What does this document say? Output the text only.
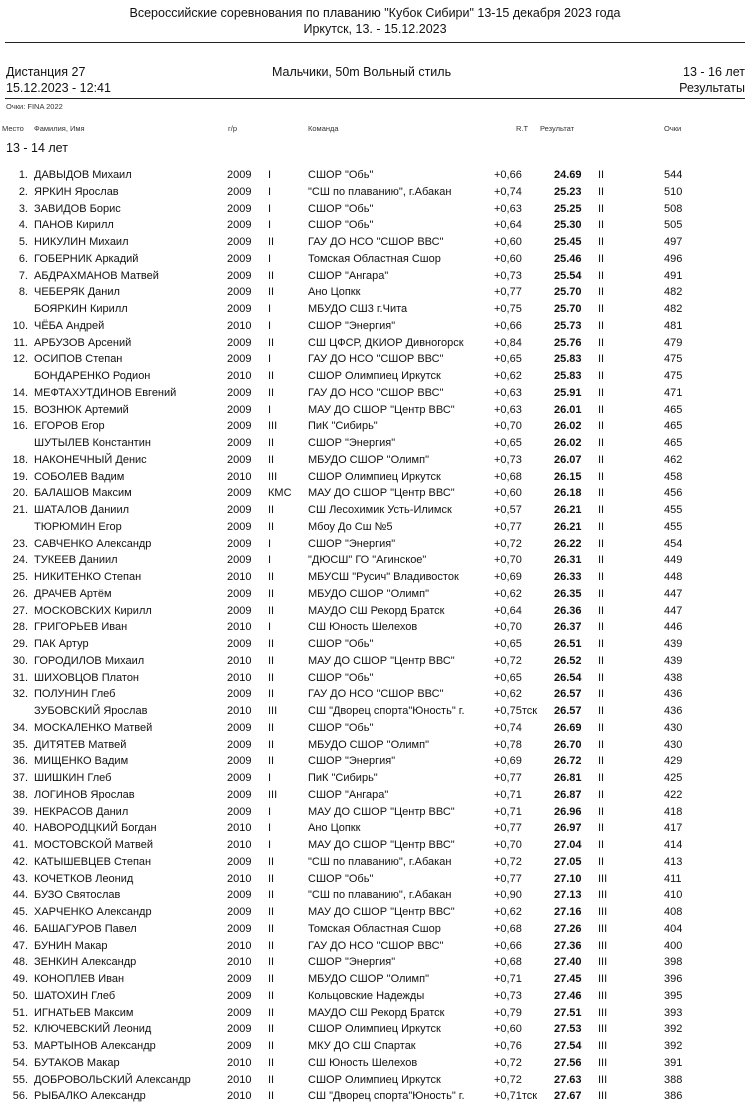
Всероссийские соревнования по плаванию "Кубок Сибири" 13-15 декабря 2023 года
Иркутск, 13. - 15.12.2023
Дистанция 27
15.12.2023 - 12:41
Мальчики, 50m Вольный стиль	13 - 16 лет
Результаты
Очки: FINA 2022
Место Фамилия, Имя	г/р	Команда	R.T Результат	Очки
13 - 14 лет
1. ДАВЫДОВ Михаил	2009 I	СШОР "Обь"	+0,66	24.69 II	544
2. ЯРКИН Ярослав	2009 I	"СШ по плаванию", г.Абакан	+0,74	25.23 II	510
3. ЗАВИДОВ Борис	2009 I	СШОР "Обь"	+0,63	25.25 II	508
4. ПАНОВ Кирилл	2009 I	СШОР "Обь"	+0,64	25.30 II	505
5. НИКУЛИН Михаил	2009 II	ГАУ ДО НСО "СШОР ВВС"	+0,60	25.45 II	497
6. ГОБЕРНИК Аркадий	2009 I	Томская Областная Сшор	+0,60	25.46 II	496
7. АБДРАХМАНОВ Матвей	2009 II	СШОР "Ангара"	+0,73	25.54 II	491
8. ЧЕБЕРЯК Данил	2009 II	Ано Цопкк	+0,77	25.70 II	482
БОЯРКИН Кирилл	2009 I	МБУДО СШ3 г.Чита	+0,75	25.70 II	482
10. ЧЁБА Андрей	2010 I	СШОР "Энергия"	+0,66	25.73 II	481
11. АРБУЗОВ Арсений	2009 II	СШ ЦФСР, ДКИОР Дивногорск	+0,84	25.76 II	479
12. ОСИПОВ Степан	2009 I	ГАУ ДО НСО "СШОР ВВС"	+0,65	25.83 II	475
БОНДАРЕНКО Родион	2010 II	СШОР Олимпиец Иркутск	+0,62	25.83 II	475
14. МЕФТАХУТДИНОВ Евгений	2009 II	ГАУ ДО НСО "СШОР ВВС"	+0,63	25.91 II	471
15. ВОЗНЮК Артемий	2009 I	МАУ ДО СШОР "Центр ВВС"	+0,63	26.01 II	465
16. ЕГОРОВ Егор	2009 III	ПиК "Сибирь"	+0,70	26.02 II	465
ШУТЫЛЕВ Константин	2009 II	СШОР "Энергия"	+0,65	26.02 II	465
18. НАКОНЕЧНЫЙ Денис	2009 II	МБУДО СШОР "Олимп"	+0,73	26.07 II	462
19. СОБОЛЕВ Вадим	2010 III	СШОР Олимпиец Иркутск	+0,68	26.15 II	458
20. БАЛАШОВ Максим	2009 КМС МАУ ДО СШОР "Центр ВВС"	+0,60	26.18 II	456
21. ШАТАЛОВ Даниил	2009 II	СШ Лесохимик Усть-Илимск	+0,57	26.21 II	455
ТЮРЮМИН Егор	2009 II	Мбоу До Сш №5	+0,77	26.21 II	455
23. САВЧЕНКО Александр	2009 I	СШОР "Энергия"	+0,72	26.22 II	454
24. ТУКЕЕВ Даниил	2009 I	"ДЮСШ" ГО "Агинское"	+0,70	26.31 II	449
25. НИКИТЕНКО Степан	2010 II	МБУСШ "Русич" Владивосток	+0,69	26.33 II	448
26. ДРАЧЕВ Артём	2009 II	МБУДО СШОР "Олимп"	+0,62	26.35 II	447
27. МОСКОВСКИХ Кирилл	2009 II	МАУДО СШ Рекорд Братск	+0,64	26.36 II	447
28. ГРИГОРЬЕВ Иван	2010 I	СШ Юность Шелехов	+0,70	26.37 II	446
29. ПАК Артур	2009 II	СШОР "Обь"	+0,65	26.51 II	439
30. ГОРОДИЛОВ Михаил	2010 II	МАУ ДО СШОР "Центр ВВС"	+0,72	26.52 II	439
31. ШИХОВЦОВ Платон	2010 II	СШОР "Обь"	+0,65	26.54 II	438
32. ПОЛУНИН Глеб	2009 II	ГАУ ДО НСО "СШОР ВВС"	+0,62	26.57 II	436
ЗУБОВСКИЙ Ярослав	2010 III	СШ "Дворец спорта"Юность" г.	+0,75тск 26.57 II	436
34. МОСКАЛЕНКО Матвей	2009 II	СШОР "Обь"	+0,74	26.69 II	430
35. ДИТЯТЕВ Матвей	2009 II	МБУДО СШОР "Олимп"	+0,78	26.70 II	430
36. МИЩЕНКО Вадим	2009 II	СШОР "Энергия"	+0,69	26.72 II	429
37. ШИШКИН Глеб	2009 I	ПиК "Сибирь"	+0,77	26.81 II	425
38. ЛОГИНОВ Ярослав	2009 III	СШОР "Ангара"	+0,71	26.87 II	422
39. НЕКРАСОВ Данил	2009 I	МАУ ДО СШОР "Центр ВВС"	+0,71	26.96 II	418
40. НАВОРОДЦКИЙ Богдан	2010 I	Ано Цопкк	+0,77	26.97 II	417
41. МОСТОВСКОЙ Матвей	2010 I	МАУ ДО СШОР "Центр ВВС"	+0,70	27.04 II	414
42. КАТЫШЕВЦЕВ Степан	2009 II	"СШ по плаванию", г.Абакан	+0,72	27.05 II	413
43. КОЧЕТКОВ Леонид	2010 II	СШОР "Обь"	+0,77	27.10 III	411
44. БУЗО Святослав	2009 II	"СШ по плаванию", г.Абакан	+0,90	27.13 III	410
45. ХАРЧЕНКО Александр	2009 II	МАУ ДО СШОР "Центр ВВС"	+0,62	27.16 III	408
46. БАШАГУРОВ Павел	2009 II	Томская Областная Сшор	+0,68	27.26 III	404
47. БУНИН Макар	2010 II	ГАУ ДО НСО "СШОР ВВС"	+0,66	27.36 III	400
48. ЗЕНКИН Александр	2010 II	СШОР "Энергия"	+0,68	27.40 III	398
49. КОНОПЛЕВ Иван	2009 II	МБУДО СШОР "Олимп"	+0,71	27.45 III	396
50. ШАТОХИН Глеб	2009 II	Кольцовские Надежды	+0,73	27.46 III	395
51. ИГНАТЬЕВ Максим	2009 II	МАУДО СШ Рекорд Братск	+0,79	27.51 III	393
52. КЛЮЧЕВСКИЙ Леонид	2009 II	СШОР Олимпиец Иркутск	+0,60	27.53 III	392
53. МАРТЫНОВ Александр	2009 II	МКУ ДО СШ Спартак	+0,76	27.54 III	392
54. БУТАКОВ Макар	2010 II	СШ Юность Шелехов	+0,72	27.56 III	391
55. ДОБРОВОЛЬСКИЙ Александр	2010 II	СШОР Олимпиец Иркутск	+0,72	27.63 III	388
56. РЫБАЛКО Александр	2010 II	СШ "Дворец спорта"Юность" г.	+0,71тск 27.67 III	386
